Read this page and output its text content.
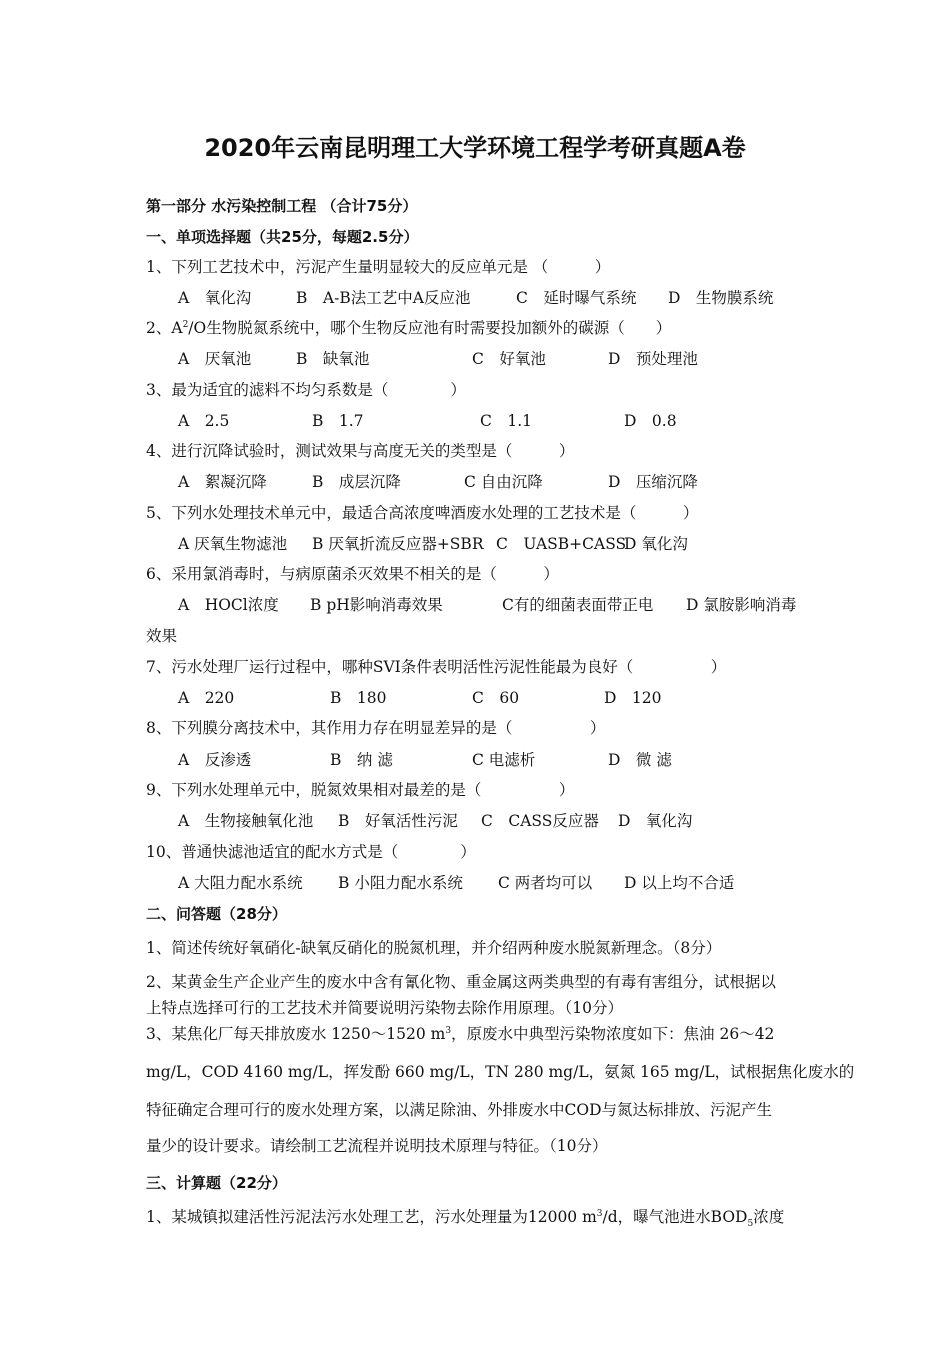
2020年云南昆明理工大学环境工程学考研真题A卷
第一部分 水污染控制工程 （合计75分）
一、单项选择题（共25分，每题2.5分）
1、下列工艺技术中，污泥产生量明显较大的反应单元是 （　　　）
A　氧化沟	B　A-B法工艺中A反应池	C　延时曝气系统 D　生物膜系统
2、$A^2/O$生物脱氮系统中，哪个生物反应池有时需要投加额外的碳源（　　）
A　厌氧池	B　缺氧池	C　好氧池	D　预处理池
3、最为适宜的滤料不均匀系数是（　　　　）
A　2.5	B　1.7	C　1.1	D　0.8
4、进行沉降试验时，测试效果与高度无关的类型是（　　　）
A　絮凝沉降	B　成层沉降	C 自由沉降	D　压缩沉降
5、下列水处理技术单元中，最适合高浓度啤酒废水处理的工艺技术是（　　　）
A 厌氧生物滤池 B 厌氧折流反应器+SBR C　UASB+CASS
D 氧化沟
6、采用氯消毒时，与病原菌杀灭效果不相关的是（　　　）
A　HOCl浓度 B pH影响消毒效果	C有的细菌表面带正电 D 氯胺影响消毒
效果
7、污水处理厂运行过程中，哪种SVI条件表明活性污泥性能最为良好（　　　　　）
A　220	B　180	C　60	D　120
8、下列膜分离技术中，其作用力存在明显差异的是（　　　　　）
A　反渗透	B　纳 滤	C 电滤析	D　微 滤
9、下列水处理单元中，脱氮效果相对最差的是（　　　　　）
A　生物接触氧化池 B　好氧活性污泥 C　CASS反应器 D　氧化沟
10、普通快滤池适宜的配水方式是（　　　　）
A 大阻力配水系统 B 小阻力配水系统 C 两者均可以 D 以上均不合适
二、问答题（28分）
1、简述传统好氧硝化-缺氧反硝化的脱氮机理，并介绍两种废水脱氮新理念。（8分）
2、某黄金生产企业产生的废水中含有氰化物、重金属这两类典型的有毒有害组分，试根据以
上特点选择可行的工艺技术并简要说明污染物去除作用原理。（10分）
3、某焦化厂每天排放废水 1250～1520 $m^3$，原废水中典型污染物浓度如下：焦油 26～42
mg/L，COD 4160 mg/L，挥发酚 660 mg/L，TN 280 mg/L，氨氮 165 mg/L，试根据焦化废水的
特征确定合理可行的废水处理方案，以满足除油、外排废水中COD与氮达标排放、污泥产生
量少的设计要求。请绘制工艺流程并说明技术原理与特征。（10分）
三、计算题（22分）
1、某城镇拟建活性污泥法污水处理工艺，污水处理量为12000 $m^3/d$，曝气池进水$BOD_5$浓度
